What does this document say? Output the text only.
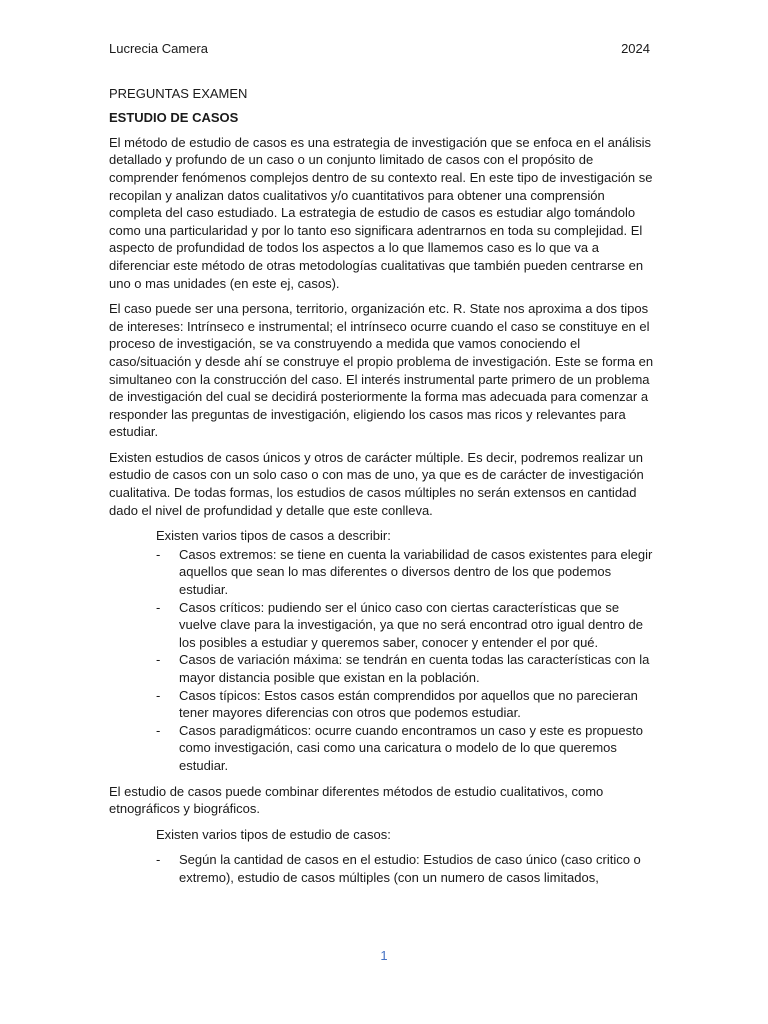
Lucrecia Camera	2024

PREGUNTAS EXAMEN

ESTUDIO DE CASOS

El método de estudio de casos es una estrategia de investigación que se enfoca en el análisis detallado y profundo de un caso o un conjunto limitado de casos con el propósito de comprender fenómenos complejos dentro de su contexto real. En este tipo de investigación se recopilan y analizan datos cualitativos y/o cuantitativos para obtener una comprensión completa del caso estudiado. La estrategia de estudio de casos es estudiar algo tomándolo como una particularidad y por lo tanto eso significara adentrarnos en toda su complejidad. El aspecto de profundidad de todos los aspectos a lo que llamemos caso es lo que va a diferenciar este método de otras metodologías cualitativas que también pueden centrarse en uno o mas unidades (en este ej, casos).

El caso puede ser una persona, territorio, organización etc. R. State nos aproxima a dos tipos de intereses: Intrínseco e instrumental; el intrínseco ocurre cuando el caso se constituye en el proceso de investigación, se va construyendo a medida que vamos conociendo el caso/situación y desde ahí se construye el propio problema de investigación. Este se forma en simultaneo con la construcción del caso. El interés instrumental parte primero de un problema de investigación del cual se decidirá posteriormente la forma mas adecuada para comenzar a responder las preguntas de investigación, eligiendo los casos mas ricos y relevantes para estudiar.

Existen estudios de casos únicos y otros de carácter múltiple. Es decir, podremos realizar un estudio de casos con un solo caso o con mas de uno, ya que es de carácter de investigación cualitativa. De todas formas, los estudios de casos múltiples no serán extensos en cantidad dado el nivel de profundidad y detalle que este conlleva.

Existen varios tipos de casos a describir:

- Casos extremos: se tiene en cuenta la variabilidad de casos existentes para elegir aquellos que sean lo mas diferentes o diversos dentro de los que podemos estudiar.
- Casos críticos: pudiendo ser el único caso con ciertas características que se vuelve clave para la investigación, ya que no será encontrad otro igual dentro de los posibles a estudiar y queremos saber, conocer y entender el por qué.
- Casos de variación máxima: se tendrán en cuenta todas las características con la mayor distancia posible que existan en la población.
- Casos típicos: Estos casos están comprendidos por aquellos que no parecieran tener mayores diferencias con otros que podemos estudiar.
- Casos paradigmáticos: ocurre cuando encontramos un caso y este es propuesto como investigación, casi como una caricatura o modelo de lo que queremos estudiar.

El estudio de casos puede combinar diferentes métodos de estudio cualitativos, como etnográficos y biográficos.

Existen varios tipos de estudio de casos:

- Según la cantidad de casos en el estudio: Estudios de caso único (caso critico o extremo), estudio de casos múltiples (con un numero de casos limitados,
1
